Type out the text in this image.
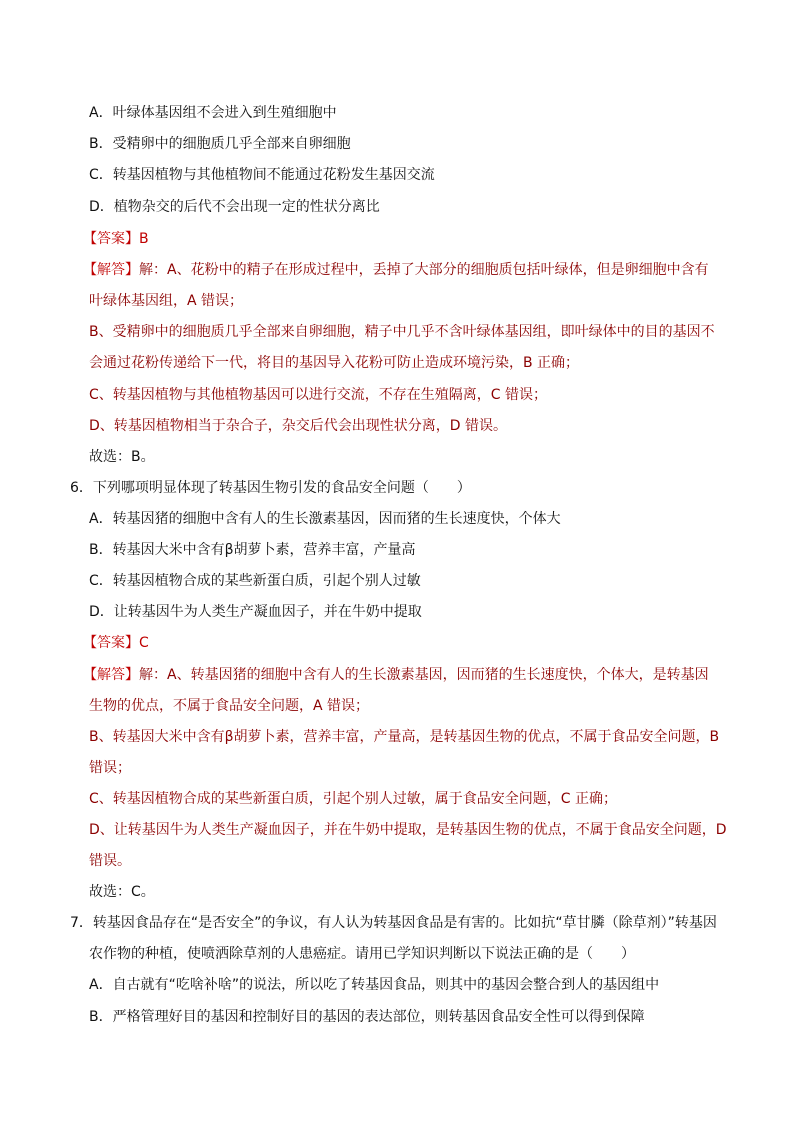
A．叶绿体基因组不会进入到生殖细胞中
B．受精卵中的细胞质几乎全部来自卵细胞
C．转基因植物与其他植物间不能通过花粉发生基因交流
D．植物杂交的后代不会出现一定的性状分离比
【答案】B
【解答】解：A、花粉中的精子在形成过程中，丢掉了大部分的细胞质包括叶绿体，但是卵细胞中含有
叶绿体基因组，A 错误；
B、受精卵中的细胞质几乎全部来自卵细胞，精子中几乎不含叶绿体基因组，即叶绿体中的目的基因不
会通过花粉传递给下一代，将目的基因导入花粉可防止造成环境污染，B 正确；
C、转基因植物与其他植物基因可以进行交流，不存在生殖隔离，C 错误；
D、转基因植物相当于杂合子，杂交后代会出现性状分离，D 错误。
故选：B。
6．下列哪项明显体现了转基因生物引发的食品安全问题（　　）
A．转基因猪的细胞中含有人的生长激素基因，因而猪的生长速度快，个体大
B．转基因大米中含有β胡萝卜素，营养丰富，产量高
C．转基因植物合成的某些新蛋白质，引起个别人过敏
D．让转基因牛为人类生产凝血因子，并在牛奶中提取
【答案】C
【解答】解：A、转基因猪的细胞中含有人的生长激素基因，因而猪的生长速度快，个体大，是转基因
生物的优点，不属于食品安全问题，A 错误；
B、转基因大米中含有β胡萝卜素，营养丰富，产量高，是转基因生物的优点，不属于食品安全问题，B
错误；
C、转基因植物合成的某些新蛋白质，引起个别人过敏，属于食品安全问题，C 正确；
D、让转基因牛为人类生产凝血因子，并在牛奶中提取，是转基因生物的优点，不属于食品安全问题，D
错误。
故选：C。
7．转基因食品存在“是否安全”的争议，有人认为转基因食品是有害的。比如抗“草甘膦（除草剂）”转基因
农作物的种植，使喷洒除草剂的人患癌症。请用已学知识判断以下说法正确的是（　　）
A．自古就有“吃啥补啥”的说法，所以吃了转基因食品，则其中的基因会整合到人的基因组中
B．严格管理好目的基因和控制好目的基因的表达部位，则转基因食品安全性可以得到保障
